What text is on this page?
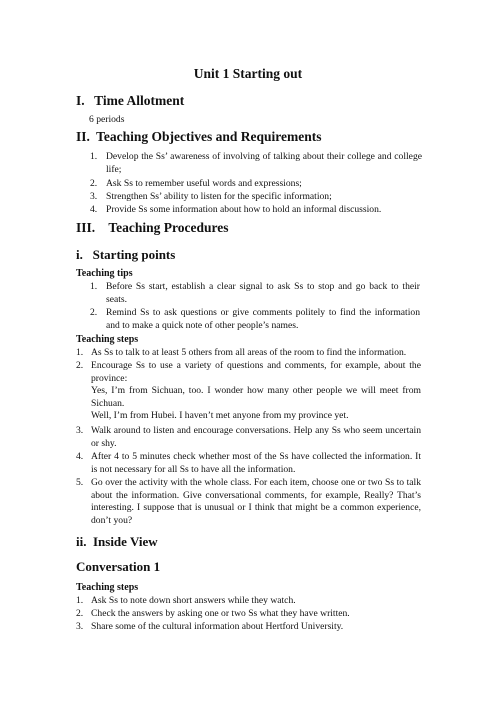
Unit 1 Starting out
I. Time Allotment
6 periods
II. Teaching Objectives and Requirements
1. Develop the Ss’ awareness of involving of talking about their college and college life;
2. Ask Ss to remember useful words and expressions;
3. Strengthen Ss’ ability to listen for the specific information;
4. Provide Ss some information about how to hold an informal discussion.
III.    Teaching Procedures
i.   Starting points
Teaching tips
1. Before Ss start, establish a clear signal to ask Ss to stop and go back to their seats.
2. Remind Ss to ask questions or give comments politely to find the information and to make a quick note of other people’s names.
Teaching steps
1. As Ss to talk to at least 5 others from all areas of the room to find the information.
2. Encourage Ss to use a variety of questions and comments, for example, about the province:
Yes, I’m from Sichuan, too. I wonder how many other people we will meet from Sichuan.
Well, I’m from Hubei. I haven’t met anyone from my province yet.
3. Walk around to listen and encourage conversations. Help any Ss who seem uncertain or shy.
4. After 4 to 5 minutes check whether most of the Ss have collected the information. It is not necessary for all Ss to have all the information.
5. Go over the activity with the whole class. For each item, choose one or two Ss to talk about the information. Give conversational comments, for example, Really? That’s interesting. I suppose that is unusual or I think that might be a common experience, don’t you?
ii.  Inside View
Conversation 1
Teaching steps
1. Ask Ss to note down short answers while they watch.
2. Check the answers by asking one or two Ss what they have written.
3. Share some of the cultural information about Hertford University.
